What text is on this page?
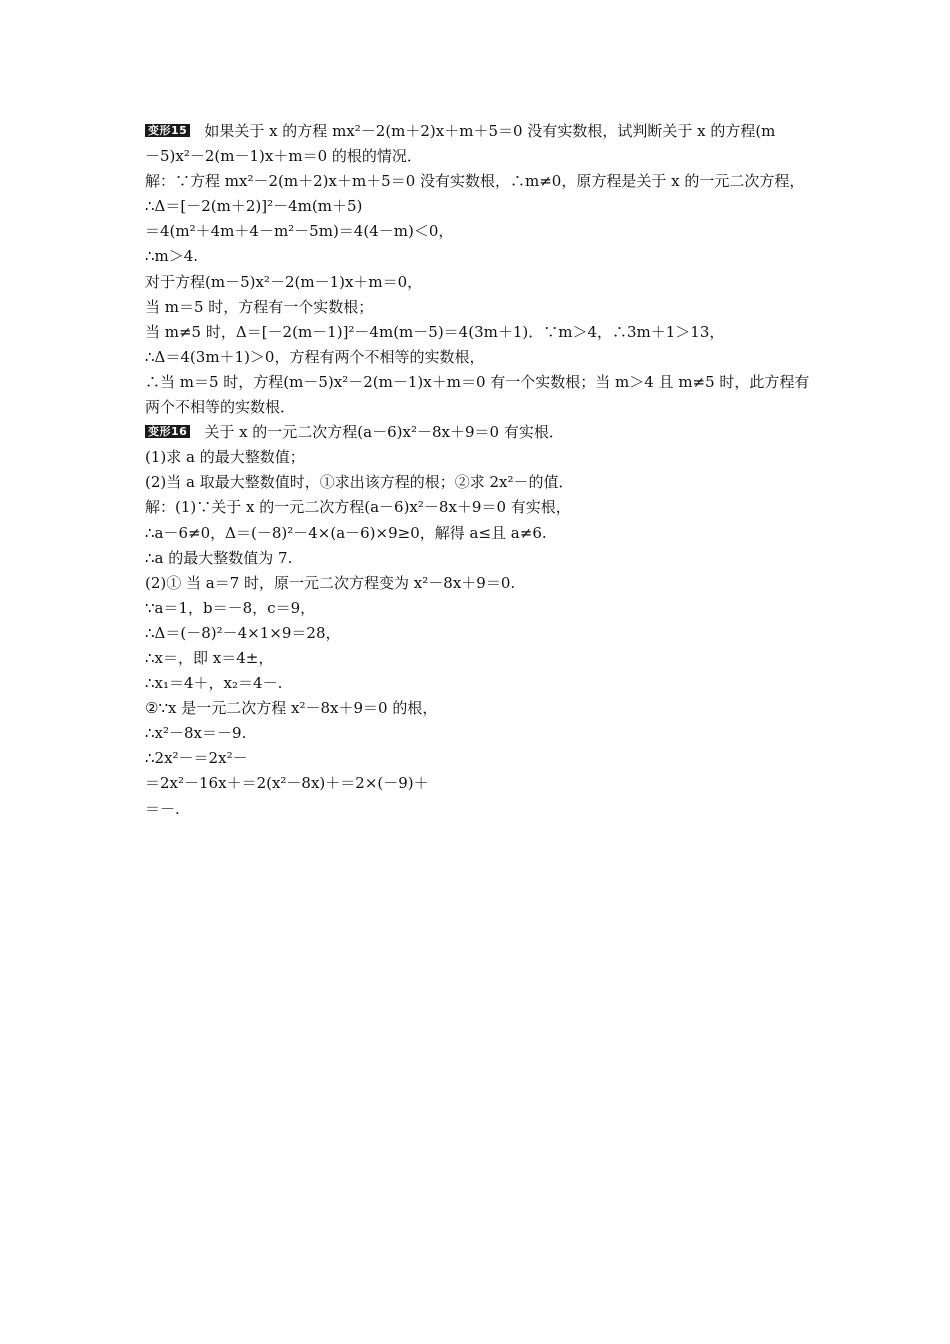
变形15 如果关于 x 的方程 mx²－2(m＋2)x＋m＋5＝0 没有实数根，试判断关于 x 的方程(m
－5)x²－2(m－1)x＋m＝0 的根的情况．
解：∵方程 mx²－2(m＋2)x＋m＋5＝0 没有实数根，∴m≠0，原方程是关于 x 的一元二次方程，
∴Δ＝[－2(m＋2)]²－4m(m＋5)
＝4(m²＋4m＋4－m²－5m)＝4(4－m)＜0，
∴m＞4.
对于方程(m－5)x²－2(m－1)x＋m＝0，
当 m＝5 时，方程有一个实数根；
当 m≠5 时，Δ＝[－2(m－1)]²－4m(m－5)＝4(3m＋1)．∵m＞4，∴3m＋1＞13，
∴Δ＝4(3m＋1)＞0，方程有两个不相等的实数根，
∴当 m＝5 时，方程(m－5)x²－2(m－1)x＋m＝0 有一个实数根；当 m＞4 且 m≠5 时，此方程有
两个不相等的实数根．
变形16 关于 x 的一元二次方程(a－6)x²－8x＋9＝0 有实根．
(1)求 a 的最大整数值；
(2)当 a 取最大整数值时，①求出该方程的根；②求 2x²－的值．
解：(1)∵关于 x 的一元二次方程(a－6)x²－8x＋9＝0 有实根，
∴a－6≠0，Δ＝(－8)²－4×(a－6)×9≥0，解得 a≤且 a≠6.
∴a 的最大整数值为 7.
(2)① 当 a＝7 时，原一元二次方程变为 x²－8x＋9＝0.
∵a＝1，b＝－8，c＝9，
∴Δ＝(－8)²－4×1×9＝28，
∴x＝，即 x＝4±，
∴x₁＝4＋，x₂＝4－.
②∵x 是一元二次方程 x²－8x＋9＝0 的根，
∴x²－8x＝－9.
∴2x²－＝2x²－
＝2x²－16x＋＝2(x²－8x)＋＝2×(－9)＋
＝－.
